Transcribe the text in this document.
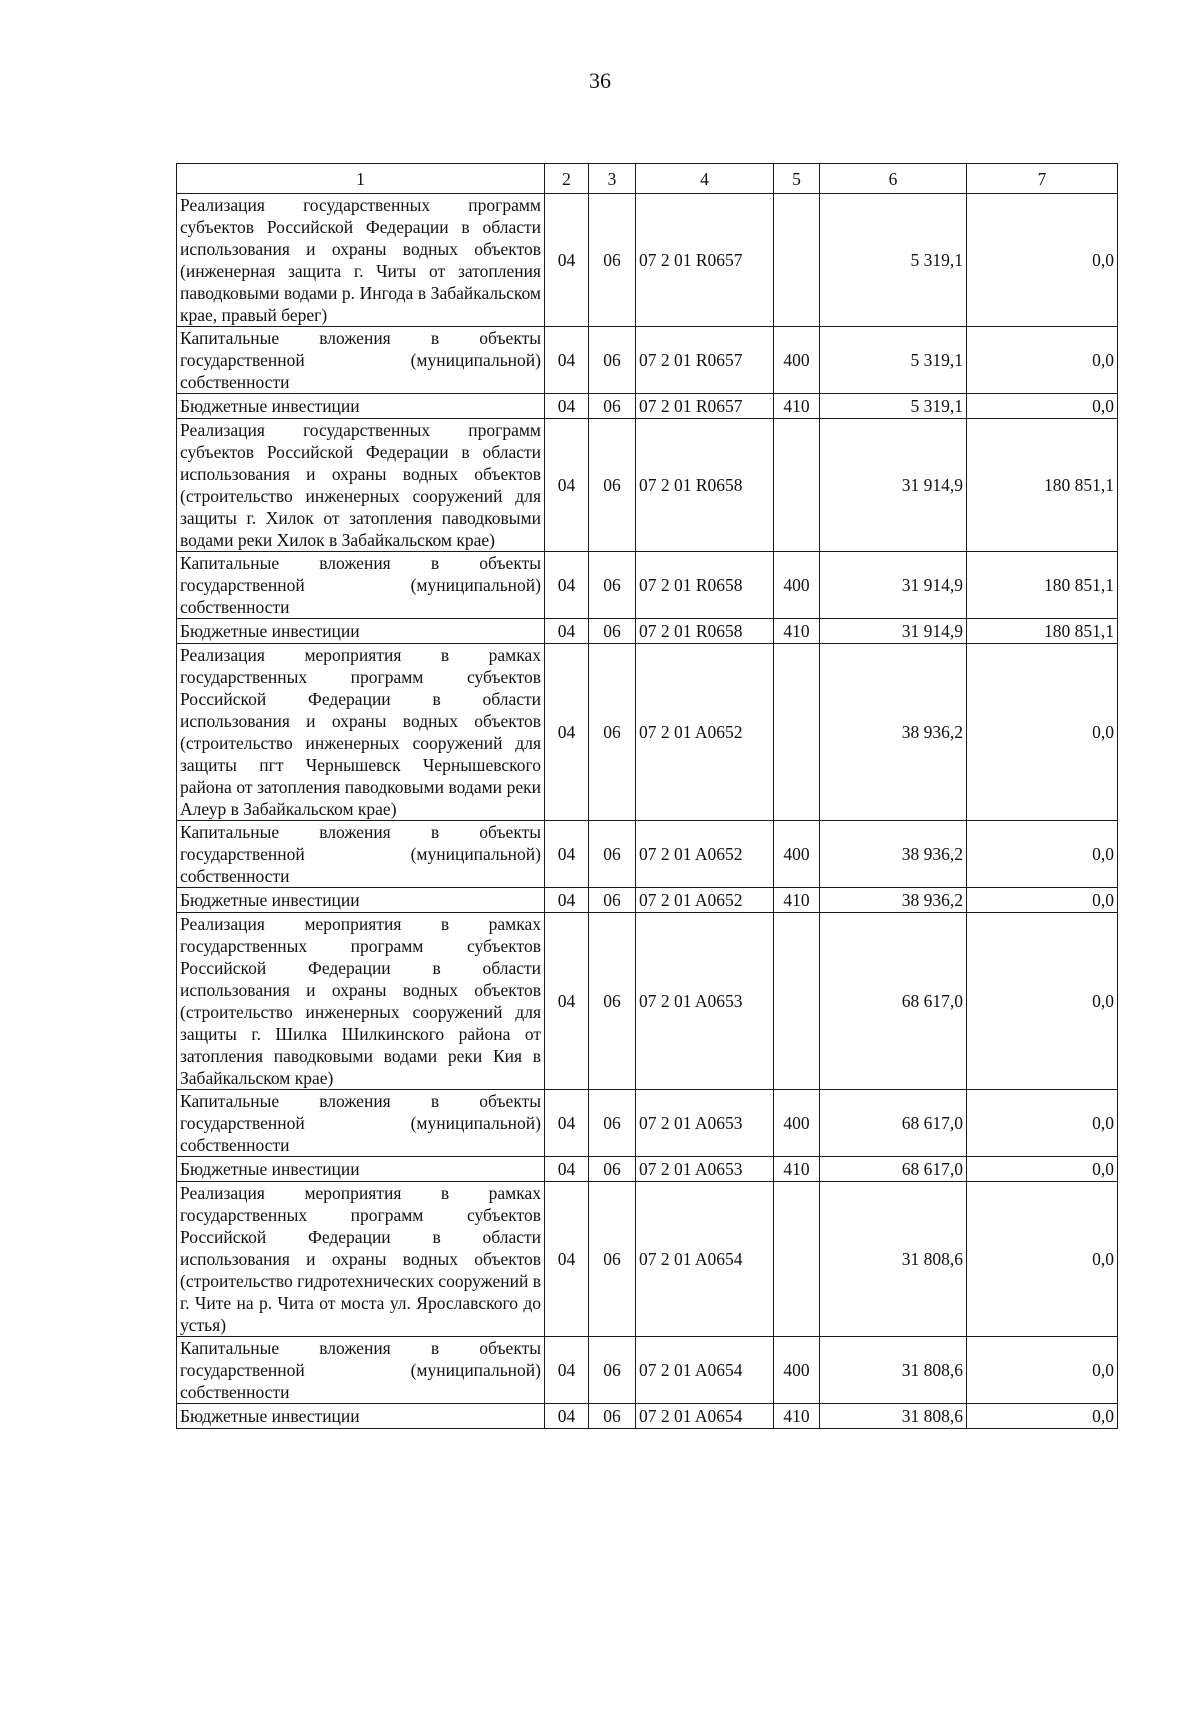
36
1	2	3	4	5	6	7
Реализация государственных программ субъектов Российской Федерации в области использования и охраны водных объектов (инженерная защита г. Читы от затопления паводковыми водами р. Ингода в Забайкальском крае, правый берег)	04	06	07 2 01 R0657		5 319,1	0,0
Капитальные вложения в объекты государственной (муниципальной) собственности	04	06	07 2 01 R0657	400	5 319,1	0,0
Бюджетные инвестиции	04	06	07 2 01 R0657	410	5 319,1	0,0
Реализация государственных программ субъектов Российской Федерации в области использования и охраны водных объектов (строительство инженерных сооружений для защиты г. Хилок от затопления паводковыми водами реки Хилок в Забайкальском крае)	04	06	07 2 01 R0658		31 914,9	180 851,1
Капитальные вложения в объекты государственной (муниципальной) собственности	04	06	07 2 01 R0658	400	31 914,9	180 851,1
Бюджетные инвестиции	04	06	07 2 01 R0658	410	31 914,9	180 851,1
Реализация мероприятия в рамках государственных программ субъектов Российской Федерации в области использования и охраны водных объектов (строительство инженерных сооружений для защиты пгт Чернышевск Чернышевского района от затопления паводковыми водами реки Алеур в Забайкальском крае)	04	06	07 2 01 A0652		38 936,2	0,0
Капитальные вложения в объекты государственной (муниципальной) собственности	04	06	07 2 01 A0652	400	38 936,2	0,0
Бюджетные инвестиции	04	06	07 2 01 A0652	410	38 936,2	0,0
Реализация мероприятия в рамках государственных программ субъектов Российской Федерации в области использования и охраны водных объектов (строительство инженерных сооружений для защиты г. Шилка Шилкинского района от затопления паводковыми водами реки Кия в Забайкальском крае)	04	06	07 2 01 A0653		68 617,0	0,0
Капитальные вложения в объекты государственной (муниципальной) собственности	04	06	07 2 01 A0653	400	68 617,0	0,0
Бюджетные инвестиции	04	06	07 2 01 A0653	410	68 617,0	0,0
Реализация мероприятия в рамках государственных программ субъектов Российской Федерации в области использования и охраны водных объектов (строительство гидротехнических сооружений в г. Чите на р. Чита от моста ул. Ярославского до устья)	04	06	07 2 01 A0654		31 808,6	0,0
Капитальные вложения в объекты государственной (муниципальной) собственности	04	06	07 2 01 A0654	400	31 808,6	0,0
Бюджетные инвестиции	04	06	07 2 01 A0654	410	31 808,6	0,0
